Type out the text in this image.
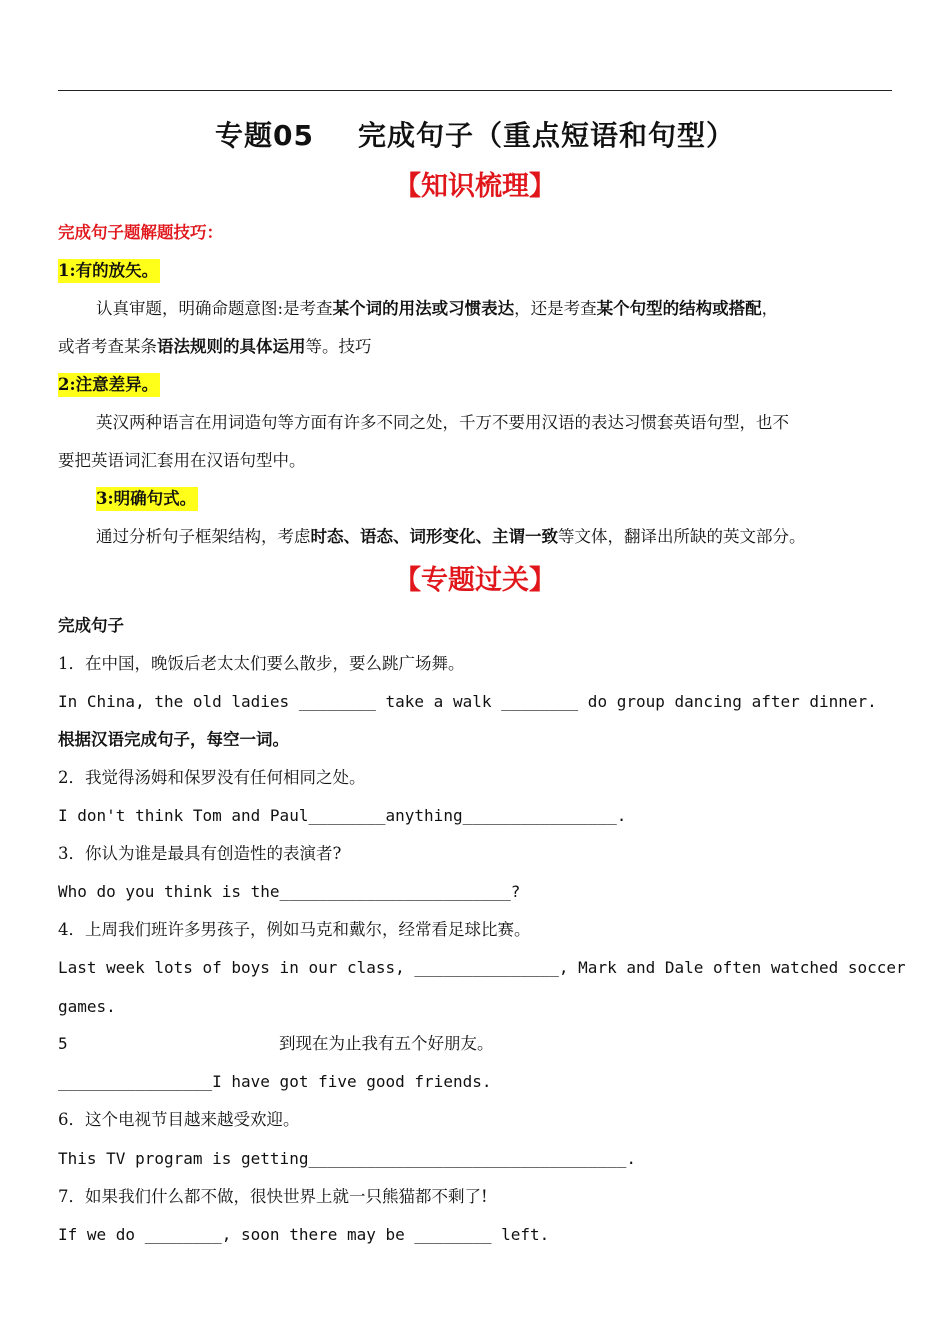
专题05 完成句子（重点短语和句型）
【知识梳理】
完成句子题解题技巧：
1:有的放矢。
认真审题，明确命题意图:是考查某个词的用法或习惯表达，还是考查某个句型的结构或搭配，
或者考查某条语法规则的具体运用等。技巧
2:注意差异。
英汉两种语言在用词造句等方面有许多不同之处，千万不要用汉语的表达习惯套英语句型，也不
要把英语词汇套用在汉语句型中。
3:明确句式。
通过分析句子框架结构，考虑时态、语态、词形变化、主谓一致等文体，翻译出所缺的英文部分。
【专题过关】
完成句子
1．在中国，晚饭后老太太们要么散步，要么跳广场舞。
In China, the old ladies ________ take a walk ________ do group dancing after dinner.
根据汉语完成句子，每空一词。
2．我觉得汤姆和保罗没有任何相同之处。
I don't think Tom and Paul________anything________________.
3．你认为谁是最具有创造性的表演者?
Who do you think is the________________________?
4．上周我们班许多男孩子，例如马克和戴尔，经常看足球比赛。
Last week lots of boys in our class, _______________, Mark and Dale often watched soccer
games.
5	到现在为止我有五个好朋友。
________________I have got five good friends.
6．这个电视节目越来越受欢迎。
This TV program is getting_________________________________.
7．如果我们什么都不做，很快世界上就一只熊猫都不剩了!
If we do ________, soon there may be ________ left.
